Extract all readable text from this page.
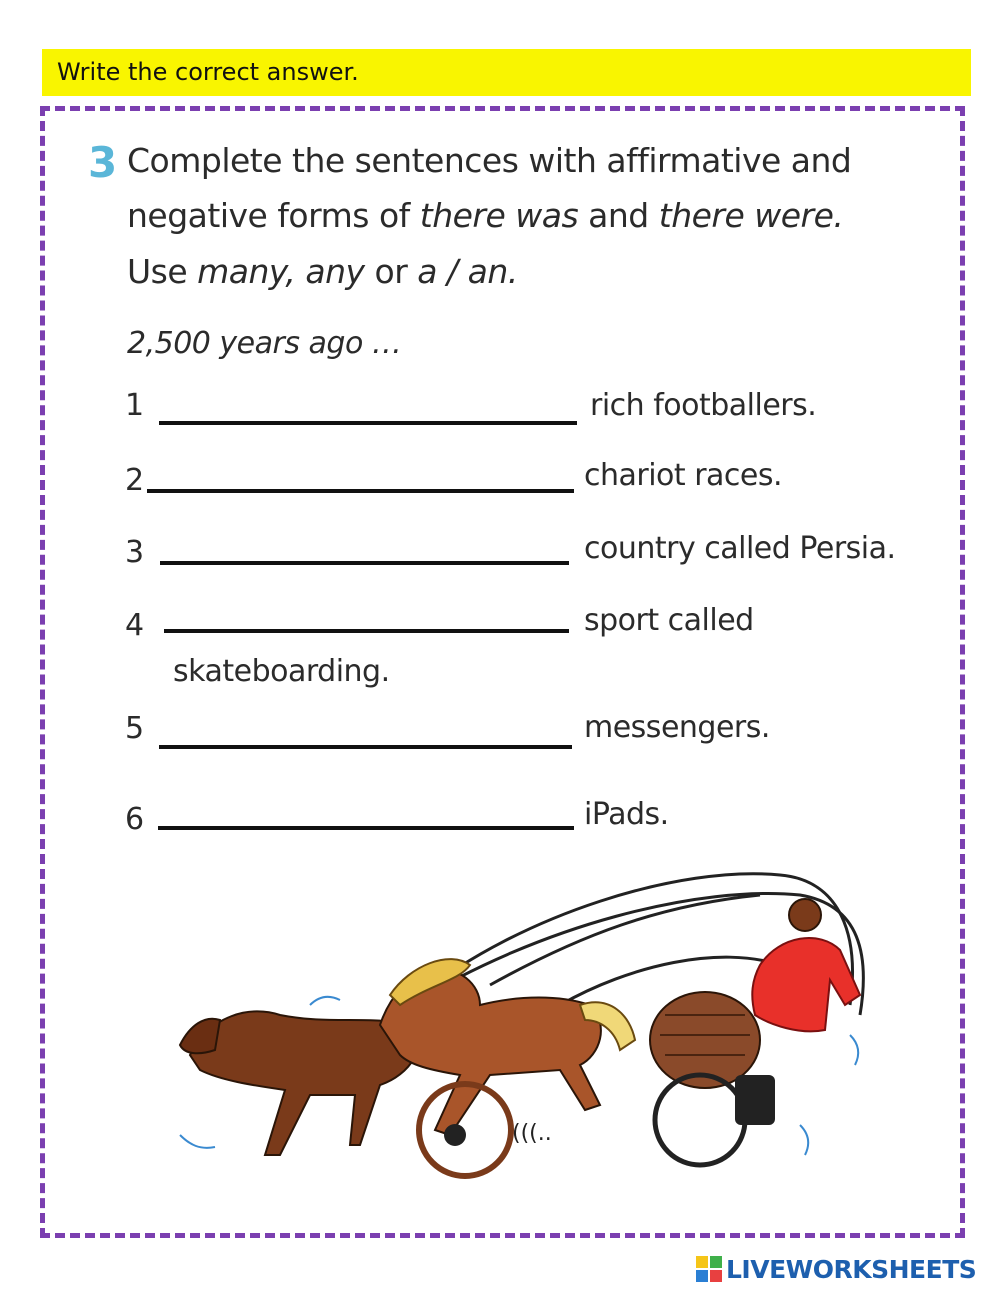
Write the correct answer.
3 Complete the sentences with affirmative and
negative forms of there was and there were.
Use many, any or a / an.
2,500 years ago …
1	rich footballers.
2	chariot races.
3	country called Persia.
4	sport called
skateboarding.
5	messengers.
6	iPads.
(((..
LIVEWORKSHEETS
